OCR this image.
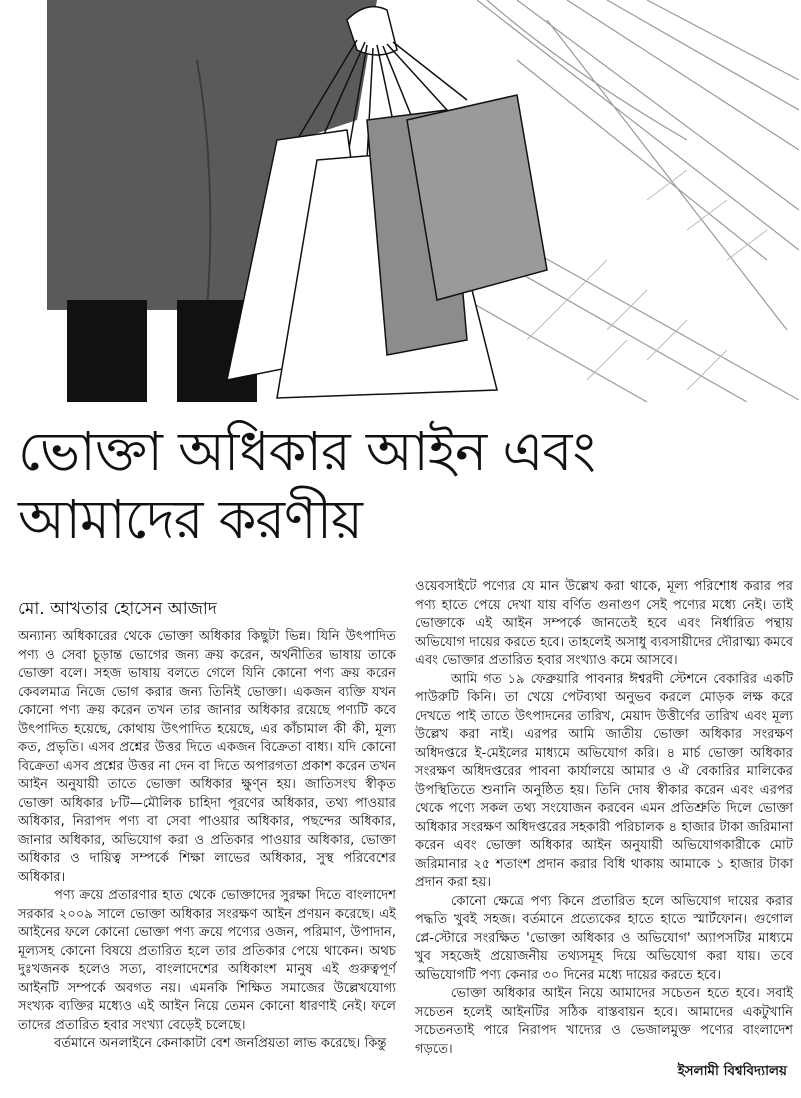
ভোক্তা অধিকার আইন এবং
আমাদের করণীয়
মো. আখতার হোসেন আজাদ

অন্যান্য অধিকারের থেকে ভোক্তা অধিকার কিছুটা ভিন্ন। যিনি উৎপাদিত পণ্য ও সেবা চূড়ান্ত ভোগের জন্য ক্রয় করেন, অর্থনীতির ভাষায় তাকে ভোক্তা বলে। সহজ ভাষায় বলতে গেলে যিনি কোনো পণ্য ক্রয় করেন কেবলমাত্র নিজে ভোগ করার জন্য তিনিই ভোক্তা। একজন ব্যক্তি যখন কোনো পণ্য ক্রয় করেন তখন তার জানার অধিকার রয়েছে পণ্যটি কবে উৎপাদিত হয়েছে, কোথায় উৎপাদিত হয়েছে, এর কাঁচামাল কী কী, মূল্য কত, প্রভৃতি। এসব প্রশ্নের উত্তর দিতে একজন বিক্রেতা বাধ্য। যদি কোনো বিক্রেতা এসব প্রশ্নের উত্তর না দেন বা দিতে অপারগতা প্রকাশ করেন তখন আইন অনুযায়ী তাতে ভোক্তা অধিকার ক্ষুণ্ন হয়। জাতিসংঘ স্বীকৃত ভোক্তা অধিকার ৮টি—মৌলিক চাহিদা পূরণের অধিকার, তথ্য পাওয়ার অধিকার, নিরাপদ পণ্য বা সেবা পাওয়ার অধিকার, পছন্দের অধিকার, জানার অধিকার, অভিযোগ করা ও প্রতিকার পাওয়ার অধিকার, ভোক্তা অধিকার ও দায়িত্ব সম্পর্কে শিক্ষা লাভের অধিকার, সুস্থ পরিবেশের অধিকার।

পণ্য ক্রয়ে প্রতারণার হাত থেকে ভোক্তাদের সুরক্ষা দিতে বাংলাদেশ সরকার ২০০৯ সালে ভোক্তা অধিকার সংরক্ষণ আইন প্রণয়ন করেছে। এই আইনের ফলে কোনো ভোক্তা পণ্য ক্রয়ে পণ্যের ওজন, পরিমাণ, উপাদান, মূল্যসহ কোনো বিষয়ে প্রতারিত হলে তার প্রতিকার পেয়ে থাকেন। অথচ দুঃখজনক হলেও সত্য, বাংলাদেশের অধিকাংশ মানুষ এই গুরুত্বপূর্ণ আইনটি সম্পর্কে অবগত নয়। এমনকি শিক্ষিত সমাজের উল্লেখযোগ্য সংখ্যক ব্যক্তির মধ্যেও এই আইন নিয়ে তেমন কোনো ধারণাই নেই। ফলে তাদের প্রতারিত হবার সংখ্যা বেড়েই চলেছে।

বর্তমানে অনলাইনে কেনাকাটা বেশ জনপ্রিয়তা লাভ করেছে। কিন্তু

ওয়েবসাইটে পণ্যের যে মান উল্লেখ করা থাকে, মূল্য পরিশোধ করার পর পণ্য হাতে পেয়ে দেখা যায় বর্ণিত গুনাগুণ সেই পণ্যের মধ্যে নেই। তাই ভোক্তাকে এই আইন সম্পর্কে জানতেই হবে এবং নির্ধারিত পন্থায় অভিযোগ দায়ের করতে হবে। তাহলেই অসাধু ব্যবসায়ীদের দৌরাত্ম্য কমবে এবং ভোক্তার প্রতারিত হবার সংখ্যাও কমে আসবে।

আমি গত ১৯ ফেব্রুয়ারি পাবনার ঈশ্বরদী স্টেশনে বেকারির একটি পাউরুটি কিনি। তা খেয়ে পেটব্যথা অনুভব করলে মোড়ক লক্ষ করে দেখতে পাই তাতে উৎপাদনের তারিখ, মেয়াদ উত্তীর্ণের তারিখ এবং মূল্য উল্লেখ করা নাই। এরপর আমি জাতীয় ভোক্তা অধিকার সংরক্ষণ অধিদপ্তরে ই-মেইলের মাধ্যমে অভিযোগ করি। ৪ মার্চ ভোক্তা অধিকার সংরক্ষণ অধিদপ্তরের পাবনা কার্যালয়ে আমার ও ঐ বেকারির মালিকের উপস্থিতিতে শুনানি অনুষ্ঠিত হয়। তিনি দোষ স্বীকার করেন এবং এরপর থেকে পণ্যে সকল তথ্য সংযোজন করবেন এমন প্রতিশ্রুতি দিলে ভোক্তা অধিকার সংরক্ষণ অধিদপ্তরের সহকারী পরিচালক ৪ হাজার টাকা জরিমানা করেন এবং ভোক্তা অধিকার আইন অনুযায়ী অভিযোগকারীকে মোট জরিমানার ২৫ শতাংশ প্রদান করার বিধি থাকায় আমাকে ১ হাজার টাকা প্রদান করা হয়।

কোনো ক্ষেত্রে পণ্য কিনে প্রতারিত হলে অভিযোগ দায়ের করার পদ্ধতি খুবই সহজ। বর্তমানে প্রত্যেকের হাতে হাতে স্মার্টফোন। গুগোল প্লে-স্টোরে সংরক্ষিত 'ভোক্তা অধিকার ও অভিযোগ' অ্যাপসটির মাধ্যমে খুব সহজেই প্রয়োজনীয় তথ্যসমূহ দিয়ে অভিযোগ করা যায়। তবে অভিযোগটি পণ্য কেনার ৩০ দিনের মধ্যে দায়ের করতে হবে।

ভোক্তা অধিকার আইন নিয়ে আমাদের সচেতন হতে হবে। সবাই সচেতন হলেই আইনটির সঠিক বাস্তবায়ন হবে। আমাদের একটুখানি সচেতনতাই পারে নিরাপদ খাদ্যের ও ভেজালমুক্ত পণ্যের বাংলাদেশ গড়তে।

ইসলামী বিশ্ববিদ্যালয়
